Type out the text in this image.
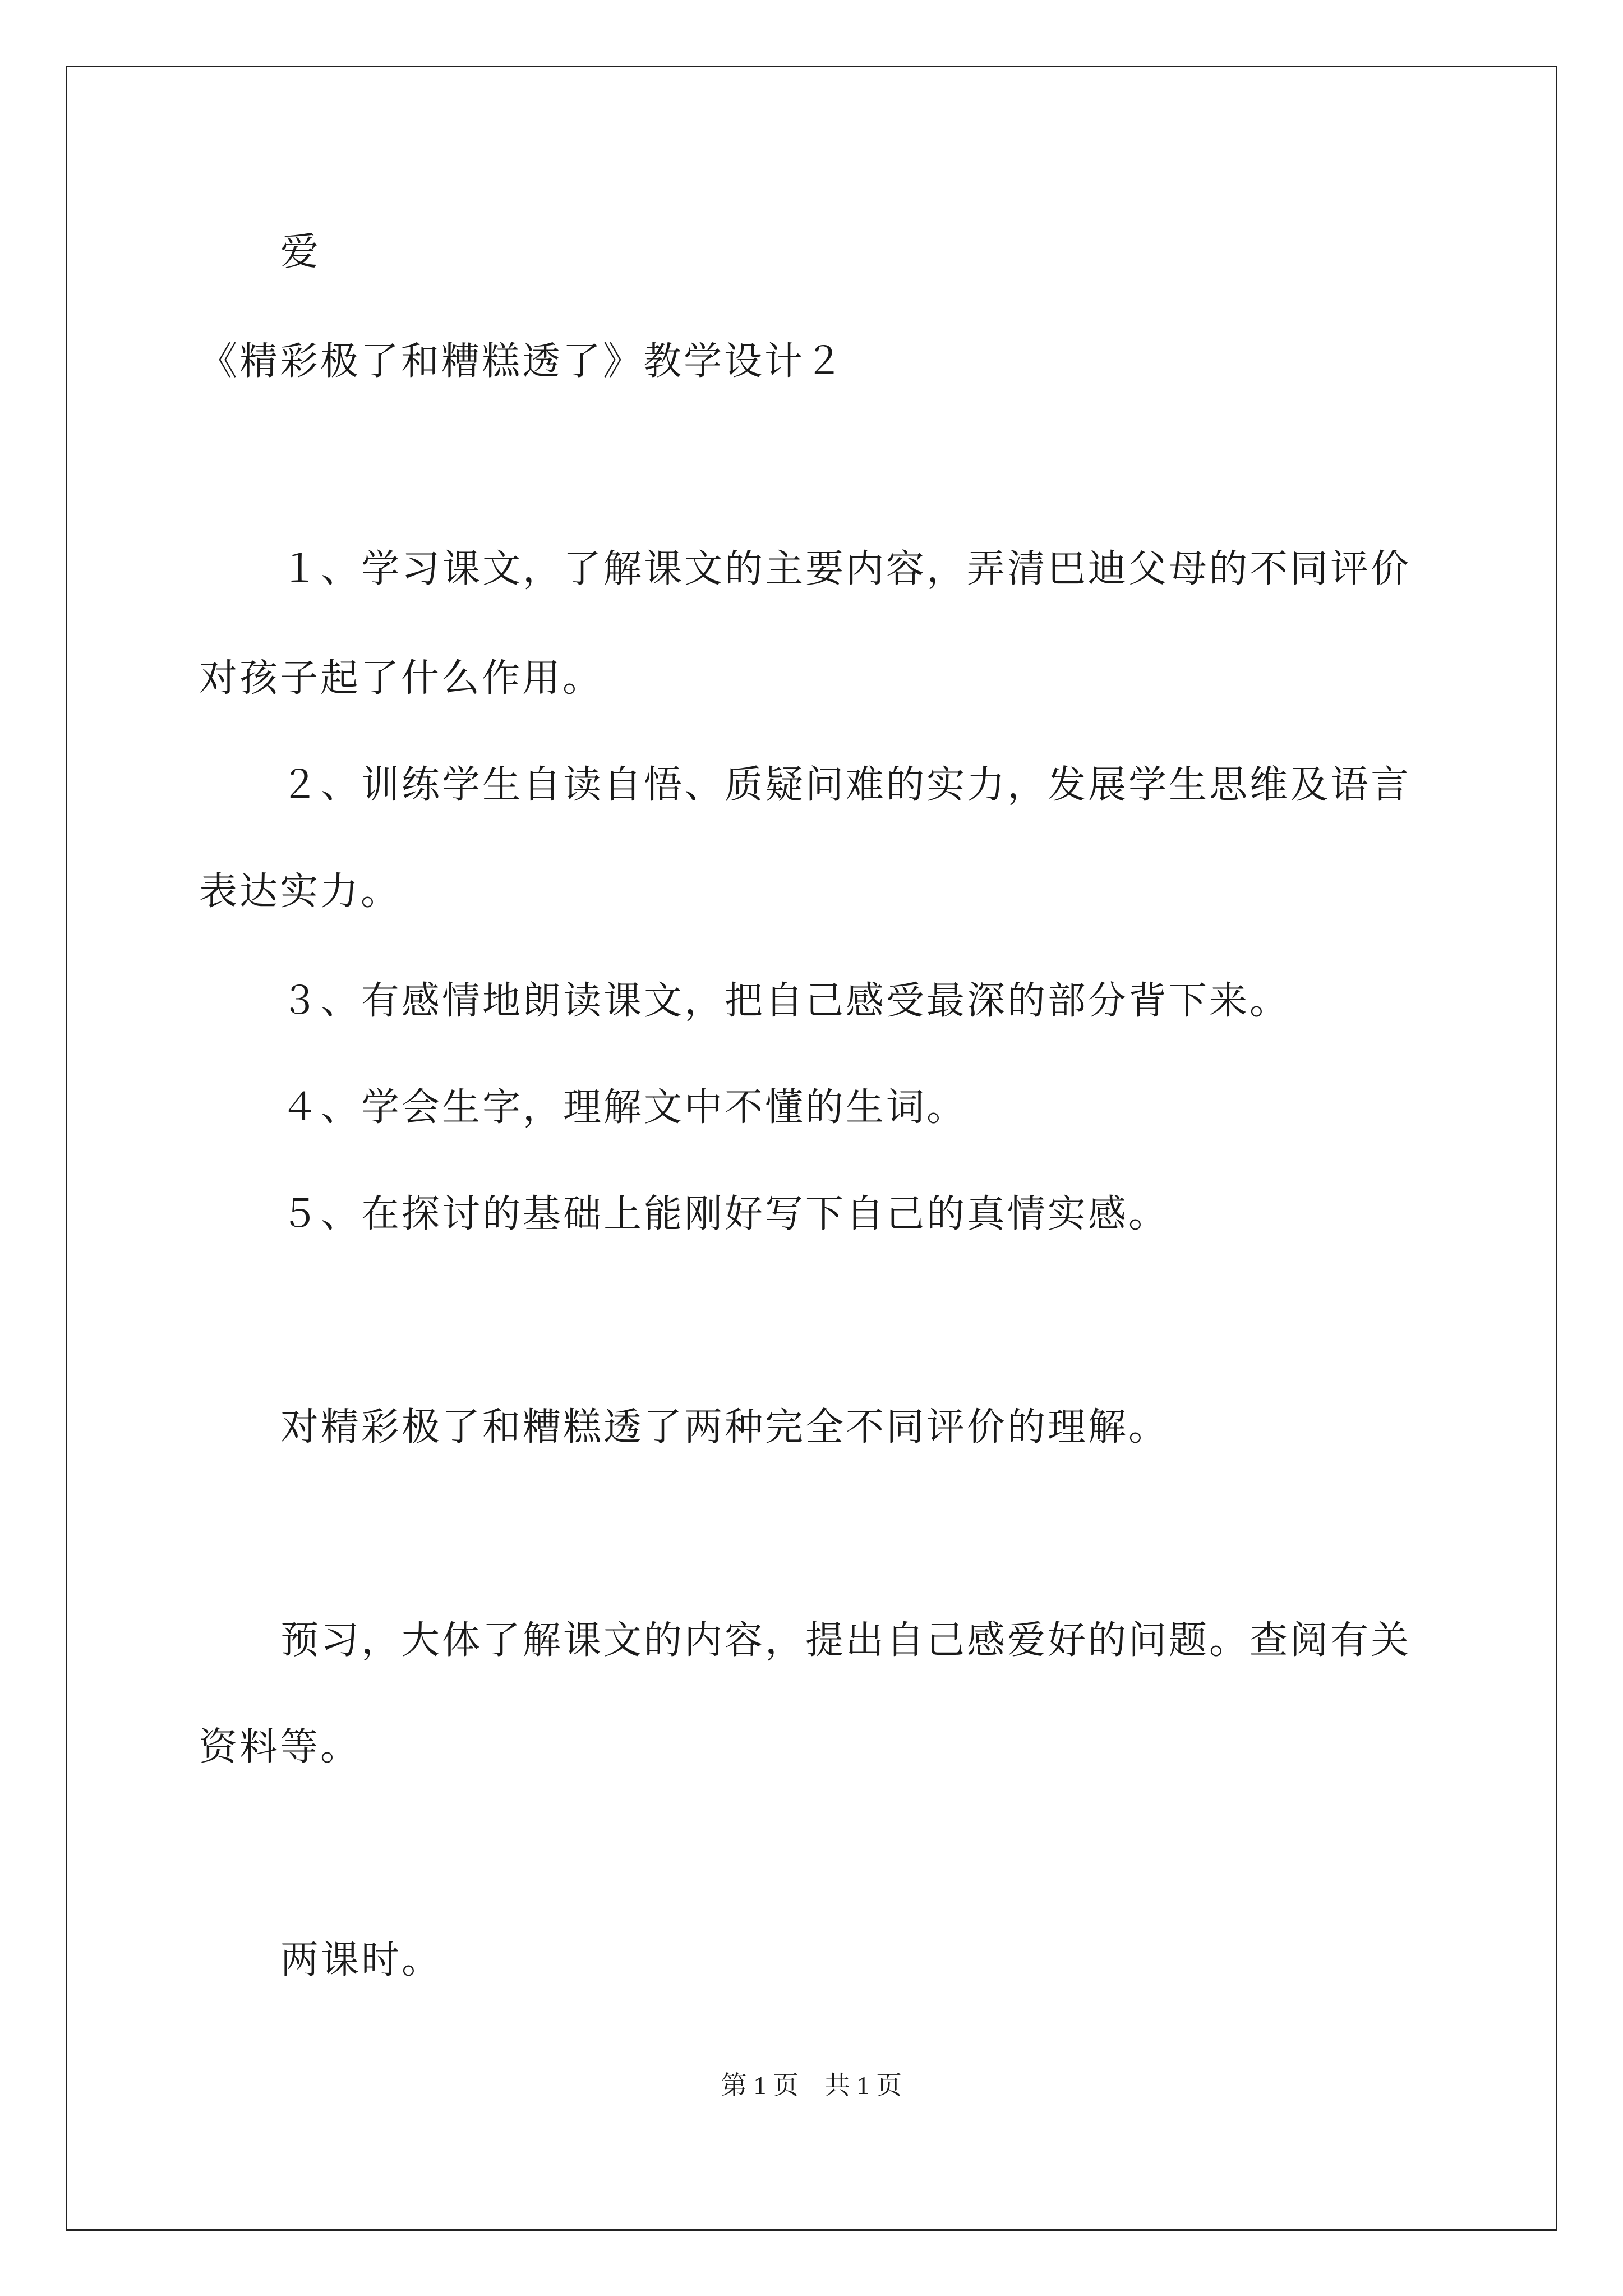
爱
《精彩极了和糟糕透了》教学设计２
１、学习课文，了解课文的主要内容，弄清巴迪父母的不同评价
对孩子起了什么作用。
２、训练学生自读自悟、质疑问难的实力，发展学生思维及语言
表达实力。
３、有感情地朗读课文，把自己感受最深的部分背下来。
４、学会生字，理解文中不懂的生词。
５、在探讨的基础上能刚好写下自己的真情实感。
对精彩极了和糟糕透了两种完全不同评价的理解。
预习，大体了解课文的内容，提出自己感爱好的问题。查阅有关
资料等。
两课时。
第 1 页    共 1 页
